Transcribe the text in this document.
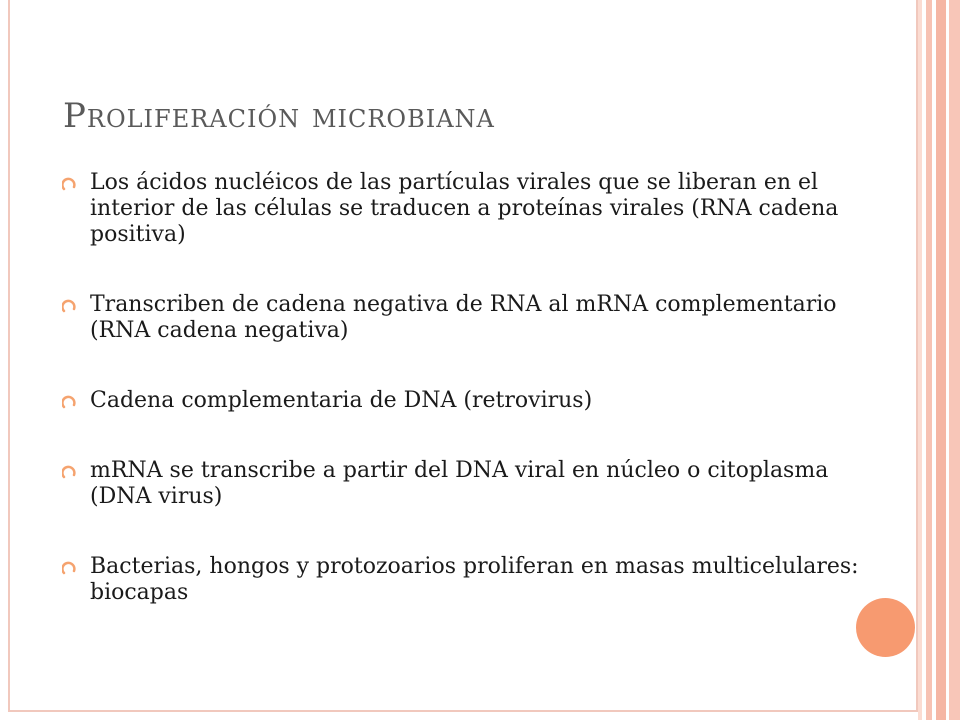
Proliferación microbiana
Los ácidos nucléicos de las partículas virales que se liberan en el interior de las células se traducen a proteínas virales (RNA cadena positiva)
Transcriben de cadena negativa de RNA al mRNA complementario (RNA cadena negativa)
Cadena complementaria de DNA (retrovirus)
mRNA se transcribe a partir del DNA viral en núcleo o citoplasma (DNA virus)
Bacterias, hongos y protozoarios proliferan en masas multicelulares: biocapas
